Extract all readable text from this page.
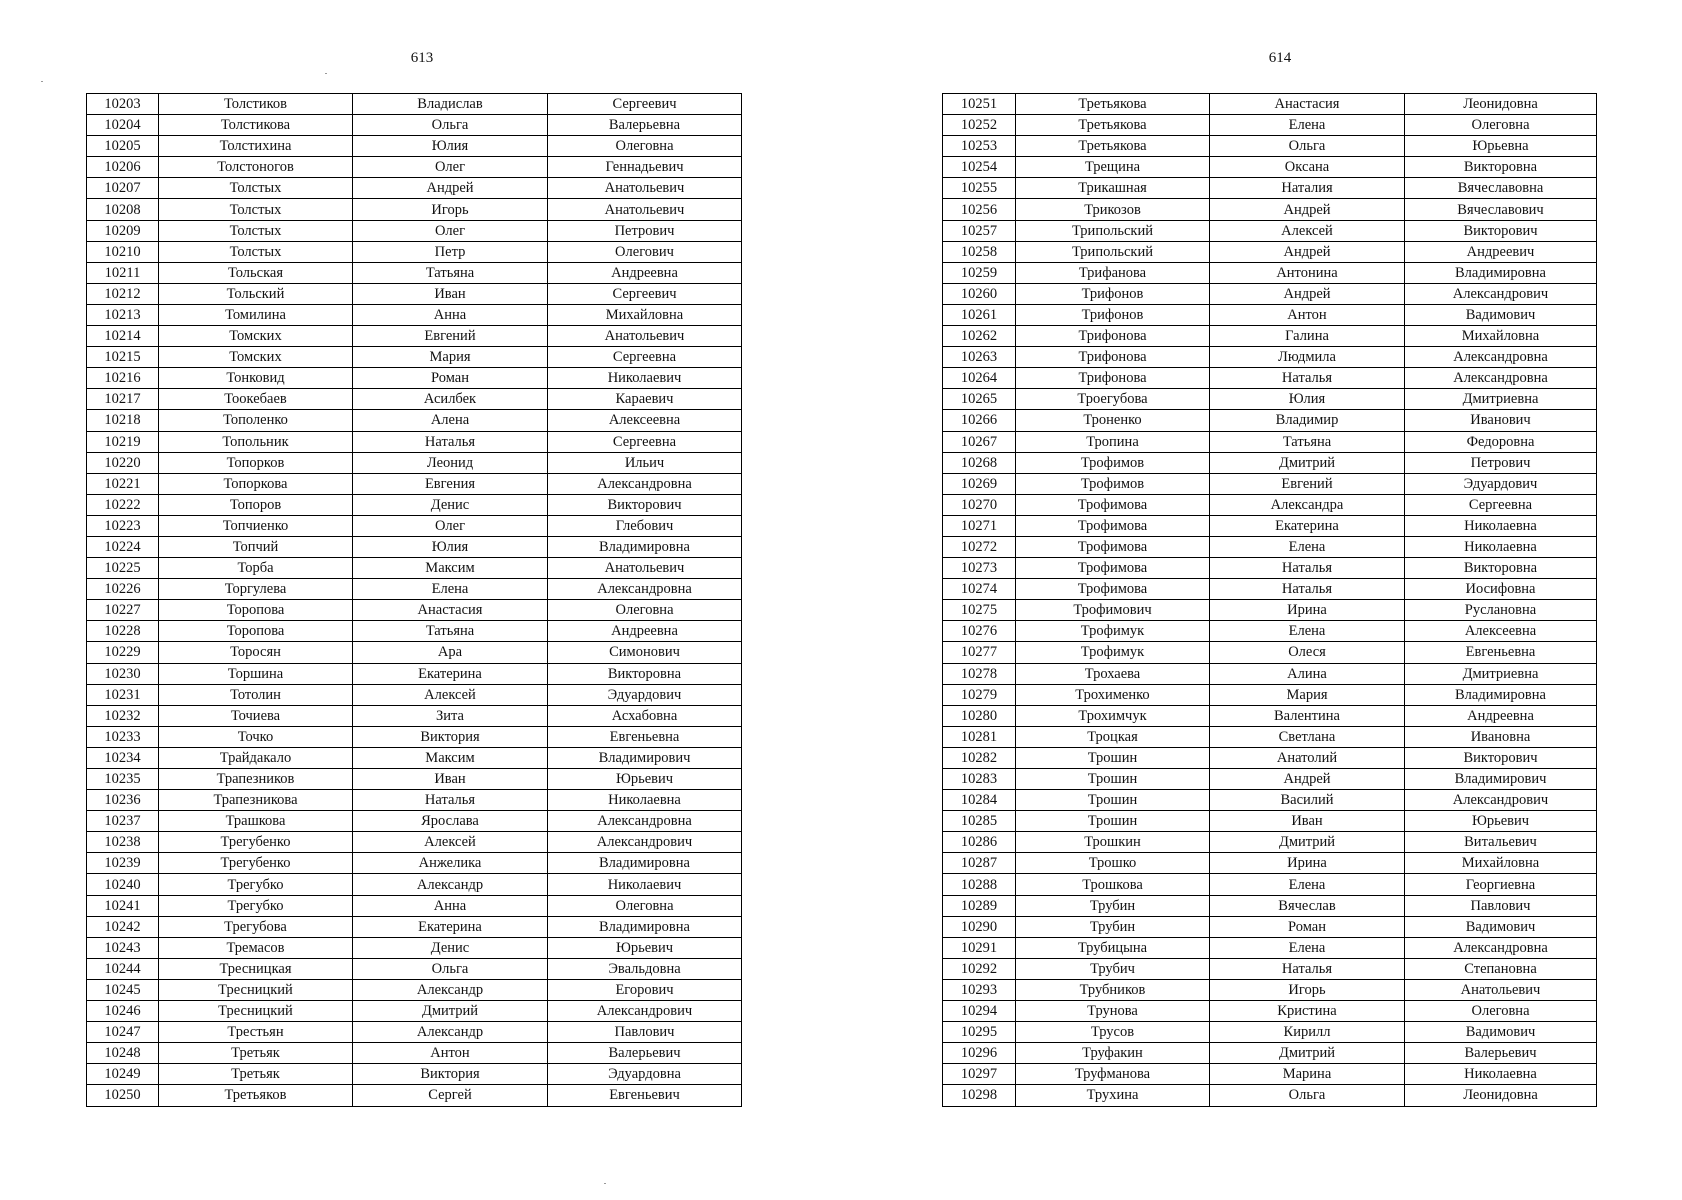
613	614
10203	Толстиков	Владислав	Сергеевич
10204	Толстикова	Ольга	Валерьевна
10205	Толстихина	Юлия	Олеговна
10206	Толстоногов	Олег	Геннадьевич
10207	Толстых	Андрей	Анатольевич
10208	Толстых	Игорь	Анатольевич
10209	Толстых	Олег	Петрович
10210	Толстых	Петр	Олегович
10211	Тольская	Татьяна	Андреевна
10212	Тольский	Иван	Сергеевич
10213	Томилина	Анна	Михайловна
10214	Томских	Евгений	Анатольевич
10215	Томских	Мария	Сергеевна
10216	Тонковид	Роман	Николаевич
10217	Тоокебаев	Асилбек	Караевич
10218	Тополенко	Алена	Алексеевна
10219	Топольник	Наталья	Сергеевна
10220	Топорков	Леонид	Ильич
10221	Топоркова	Евгения	Александровна
10222	Топоров	Денис	Викторович
10223	Топчиенко	Олег	Глебович
10224	Топчий	Юлия	Владимировна
10225	Торба	Максим	Анатольевич
10226	Торгулева	Елена	Александровна
10227	Торопова	Анастасия	Олеговна
10228	Торопова	Татьяна	Андреевна
10229	Торосян	Ара	Симонович
10230	Торшина	Екатерина	Викторовна
10231	Тотолин	Алексей	Эдуардович
10232	Точиева	Зита	Асхабовна
10233	Точко	Виктория	Евгеньевна
10234	Трайдакало	Максим	Владимирович
10235	Трапезников	Иван	Юрьевич
10236	Трапезникова	Наталья	Николаевна
10237	Трашкова	Ярослава	Александровна
10238	Трегубенко	Алексей	Александрович
10239	Трегубенко	Анжелика	Владимировна
10240	Трегубко	Александр	Николаевич
10241	Трегубко	Анна	Олеговна
10242	Трегубова	Екатерина	Владимировна
10243	Тремасов	Денис	Юрьевич
10244	Тресницкая	Ольга	Эвальдовна
10245	Тресницкий	Александр	Егорович
10246	Тресницкий	Дмитрий	Александрович
10247	Трестьян	Александр	Павлович
10248	Третьяк	Антон	Валерьевич
10249	Третьяк	Виктория	Эдуардовна
10250	Третьяков	Сергей	Евгеньевич
10251	Третьякова	Анастасия	Леонидовна
10252	Третьякова	Елена	Олеговна
10253	Третьякова	Ольга	Юрьевна
10254	Трещина	Оксана	Викторовна
10255	Трикашная	Наталия	Вячеславовна
10256	Трикозов	Андрей	Вячеславович
10257	Трипольский	Алексей	Викторович
10258	Трипольский	Андрей	Андреевич
10259	Трифанова	Антонина	Владимировна
10260	Трифонов	Андрей	Александрович
10261	Трифонов	Антон	Вадимович
10262	Трифонова	Галина	Михайловна
10263	Трифонова	Людмила	Александровна
10264	Трифонова	Наталья	Александровна
10265	Троегубова	Юлия	Дмитриевна
10266	Троненко	Владимир	Иванович
10267	Тропина	Татьяна	Федоровна
10268	Трофимов	Дмитрий	Петрович
10269	Трофимов	Евгений	Эдуардович
10270	Трофимова	Александра	Сергеевна
10271	Трофимова	Екатерина	Николаевна
10272	Трофимова	Елена	Николаевна
10273	Трофимова	Наталья	Викторовна
10274	Трофимова	Наталья	Иосифовна
10275	Трофимович	Ирина	Руслановна
10276	Трофимук	Елена	Алексеевна
10277	Трофимук	Олеся	Евгеньевна
10278	Трохаева	Алина	Дмитриевна
10279	Трохименко	Мария	Владимировна
10280	Трохимчук	Валентина	Андреевна
10281	Троцкая	Светлана	Ивановна
10282	Трошин	Анатолий	Викторович
10283	Трошин	Андрей	Владимирович
10284	Трошин	Василий	Александрович
10285	Трошин	Иван	Юрьевич
10286	Трошкин	Дмитрий	Витальевич
10287	Трошко	Ирина	Михайловна
10288	Трошкова	Елена	Георгиевна
10289	Трубин	Вячеслав	Павлович
10290	Трубин	Роман	Вадимович
10291	Трубицына	Елена	Александровна
10292	Трубич	Наталья	Степановна
10293	Трубников	Игорь	Анатольевич
10294	Трунова	Кристина	Олеговна
10295	Трусов	Кирилл	Вадимович
10296	Труфакин	Дмитрий	Валерьевич
10297	Труфманова	Марина	Николаевна
10298	Трухина	Ольга	Леонидовна
